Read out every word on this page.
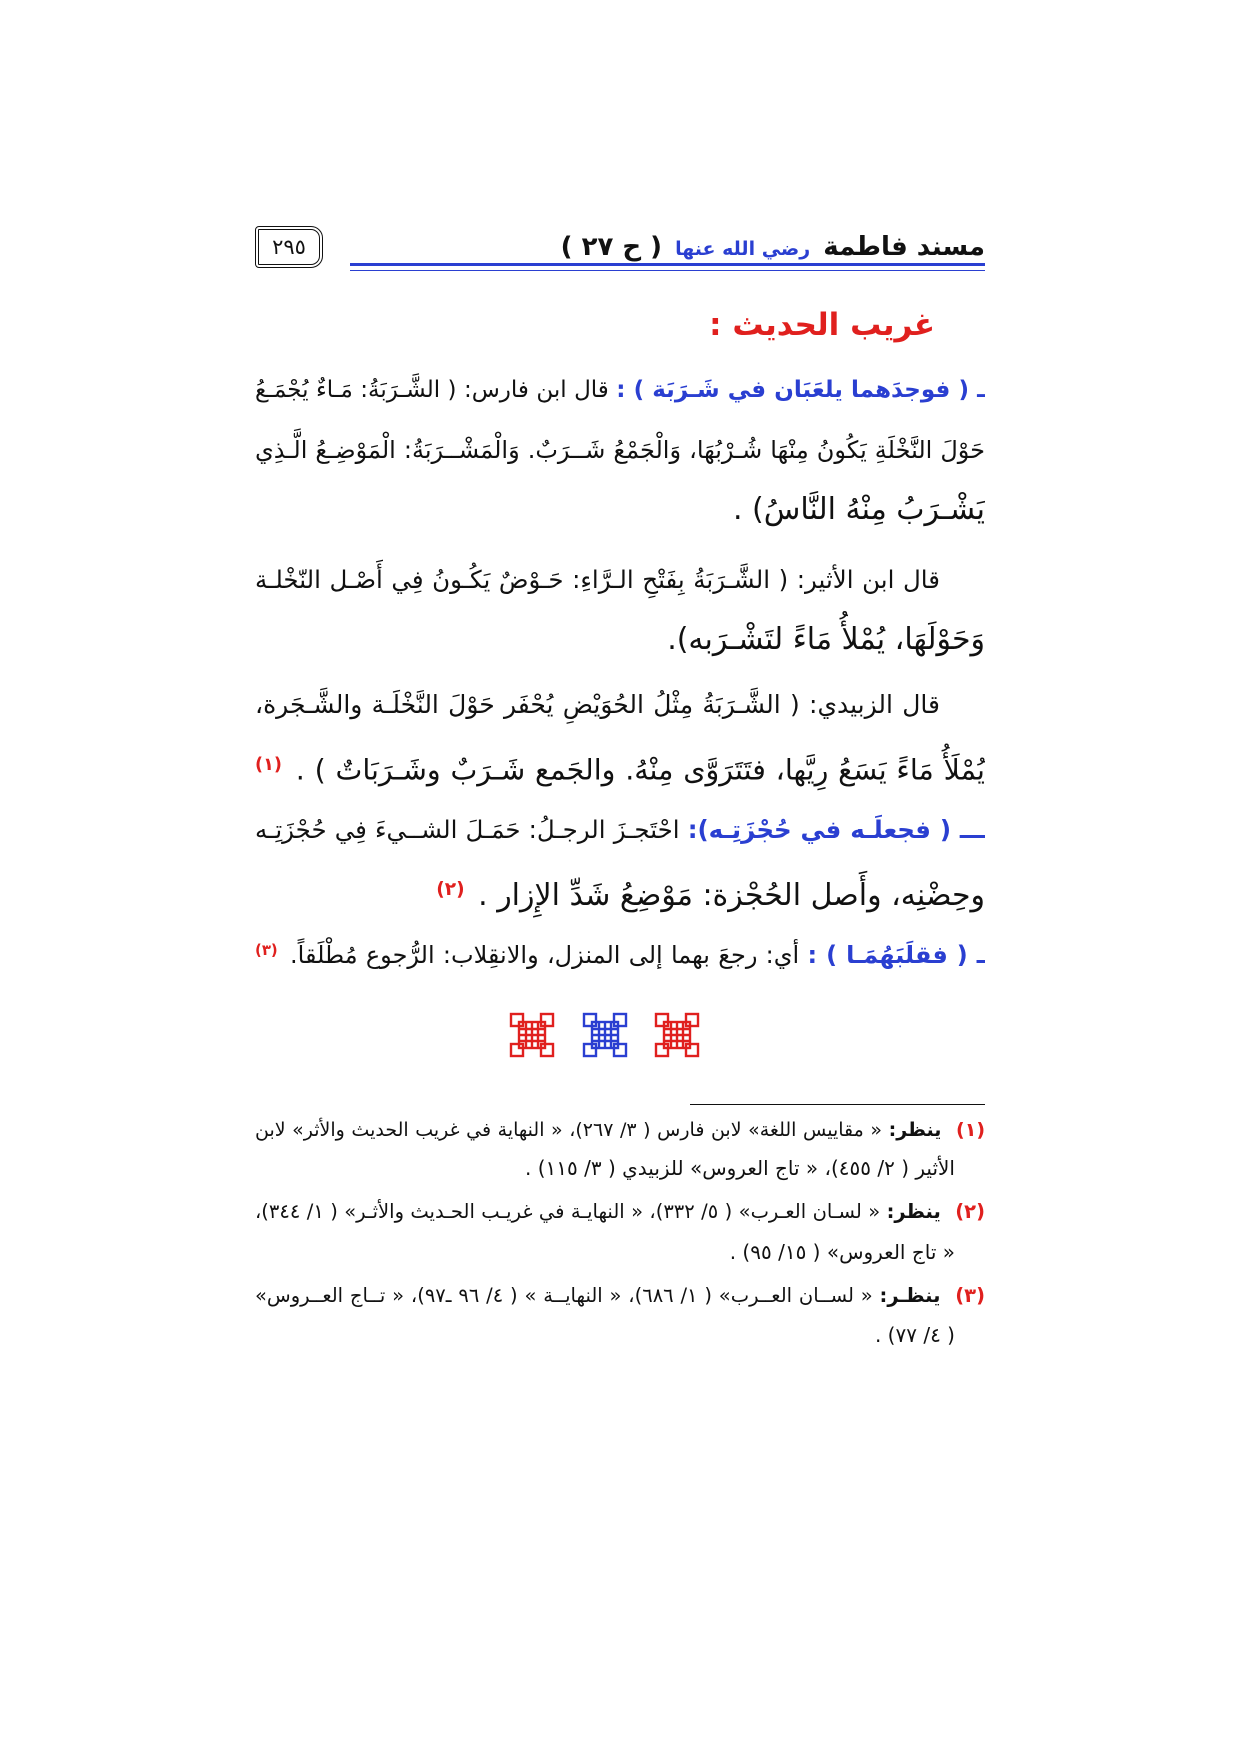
مسند فاطمة رضي الله عنها ( ح ٢٧ )
٢٩٥
غريب الحديث :
ـ ( فوجدَهما يلعَبَان في شَـرَبَة ) : قال ابن فارس: ( الشَّـرَبَةُ: مَـاءٌ يُجْمَـعُ
حَوْلَ النَّخْلَةِ يَكُونُ مِنْهَا شُـرْبُهَا، وَالْجَمْعُ شَــرَبٌ. وَالْمَشْــرَبَةُ: الْمَوْضِـعُ الَّـذِي
يَشْـرَبُ مِنْهُ النَّاسُ) .
قال ابن الأثير: ( الشَّـرَبَةُ بِفَتْحِ الـرَّاءِ: حَـوْضٌ يَكُـونُ فِي أَصْـل النّخْلـة
وَحَوْلَهَا، يُمْلأُ مَاءً لتَشْـرَبه).
قال الزبيدي: ( الشَّـرَبَةُ مِثْلُ الحُوَيْضِ يُحْفَر حَوْلَ النَّخْلَـة والشَّـجَرة،
يُمْلَأُ مَاءً يَسَعُ رِيَّها، فتَتَرَوَّى مِنْهُ. والجَمع شَـرَبٌ وشَـرَبَاتٌ ) . $^{(١)}$
ـــ ( فجعلَـه في حُجْزَتِـه): احْتَجـزَ الرجـلُ: حَمَـلَ الشــيءَ فِي حُجْزَتِـه
وحِضْنِه، وأَصل الحُجْزة: مَوْضِعُ شَدِّ الإِزار . $^{(٢)}$
ـ ( فقلَبَهُمَـا ) : أي: رجعَ بهما إلى المنزل، والانقِلاب: الرُّجوع مُطْلَقاً. $^{(٣)}$
(١) ينظر: « مقاييس اللغة» لابن فارس ( ٣/ ٢٦٧)، « النهاية في غريب الحديث والأثر» لابن
الأثير ( ٢/ ٤٥٥)، « تاج العروس» للزبيدي ( ٣/ ١١٥) .
(٢) ينظر: « لسـان العـرب» ( ٥/ ٣٣٢)، « النهايـة في غريـب الحـديث والأثـر» ( ١/ ٣٤٤)،
« تاج العروس» ( ١٥/ ٩٥) .
(٣) ينظـر: « لســان العــرب» ( ١/ ٦٨٦)، « النهايــة » ( ٤/ ٩٦ ـ٩٧)، « تــاج العــروس»
( ٤/ ٧٧) .
